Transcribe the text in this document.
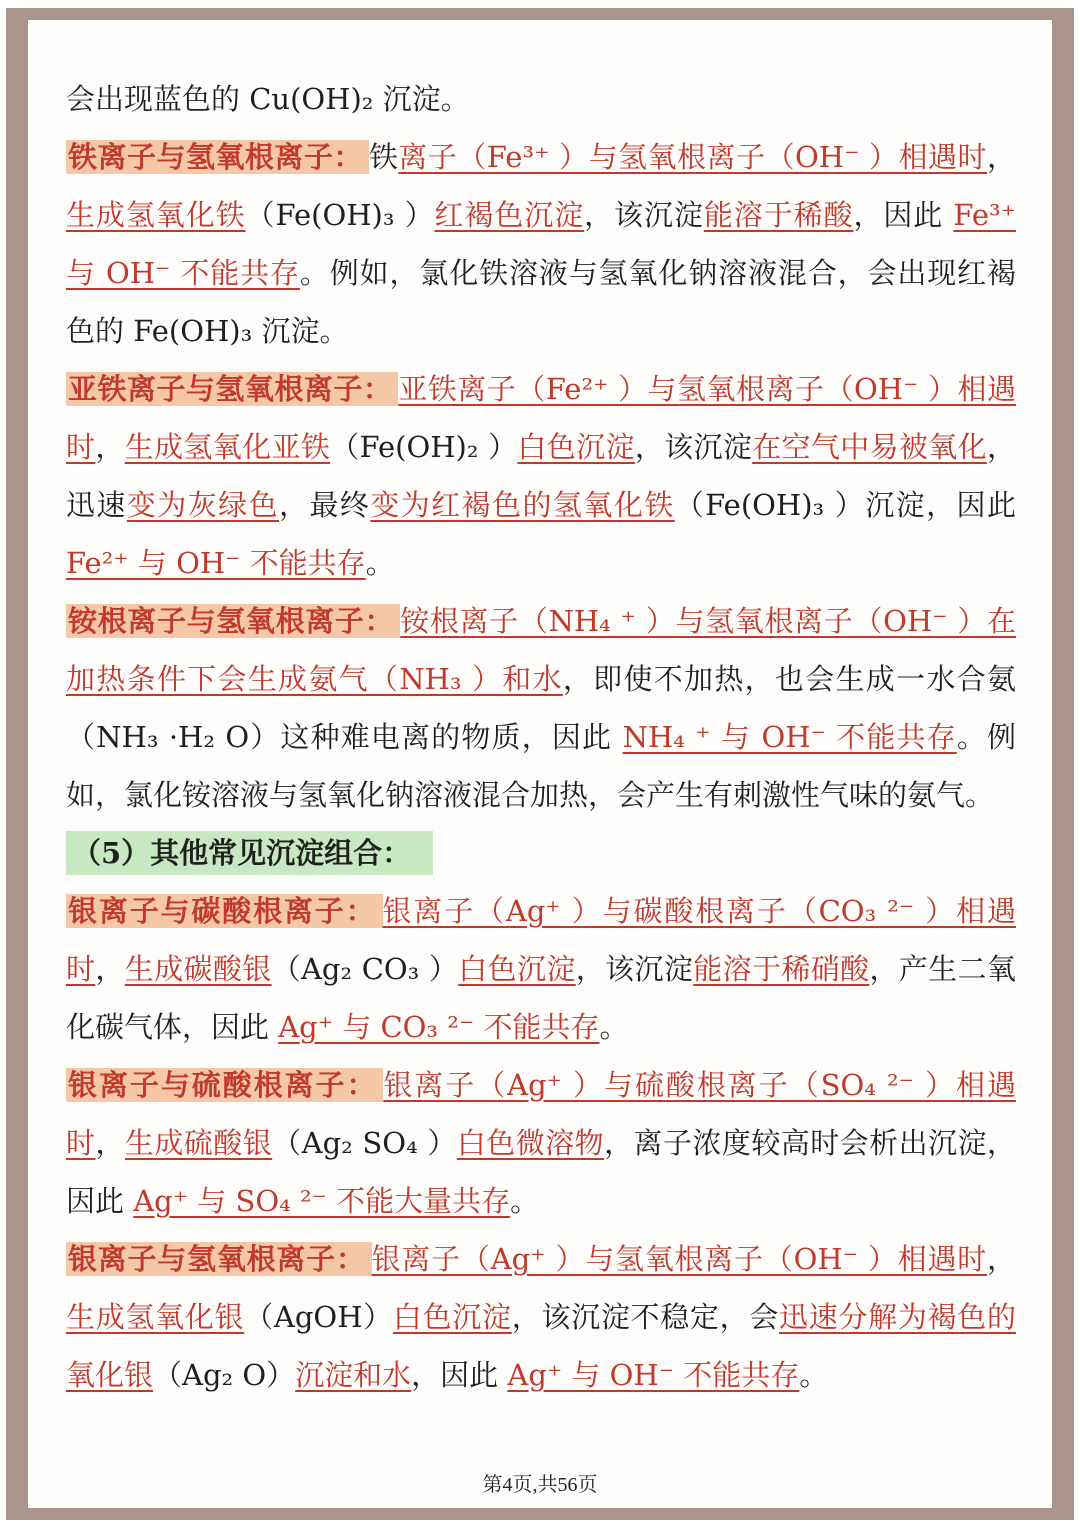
会出现蓝色的 Cu(OH)₂ 沉淀。
铁离子与氢氧根离子： 铁离子（Fe³⁺ ）与氢氧根离子（OH⁻ ）相遇时，生成氢氧化铁（Fe(OH)₃ ）红褐色沉淀，该沉淀能溶于稀酸，因此 Fe³⁺ 与 OH⁻ 不能共存。例如，氯化铁溶液与氢氧化钠溶液混合，会出现红褐色的 Fe(OH)₃ 沉淀。
亚铁离子与氢氧根离子： 亚铁离子（Fe²⁺ ）与氢氧根离子（OH⁻ ）相遇时，生成氢氧化亚铁（Fe(OH)₂ ）白色沉淀，该沉淀在空气中易被氧化，迅速变为灰绿色，最终变为红褐色的氢氧化铁（Fe(OH)₃ ）沉淀，因此 Fe²⁺ 与 OH⁻ 不能共存。
铵根离子与氢氧根离子： 铵根离子（NH₄ ⁺ ）与氢氧根离子（OH⁻ ）在加热条件下会生成氨气（NH₃ ）和水，即使不加热，也会生成一水合氨（NH₃ ·H₂ O）这种难电离的物质，因此 NH₄ ⁺ 与 OH⁻ 不能共存。例如，氯化铵溶液与氢氧化钠溶液混合加热，会产生有刺激性气味的氨气。
（5）其他常见沉淀组合：
银离子与碳酸根离子： 银离子（Ag⁺ ）与碳酸根离子（CO₃ ²⁻ ）相遇时，生成碳酸银（Ag₂ CO₃ ）白色沉淀，该沉淀能溶于稀硝酸，产生二氧化碳气体，因此 Ag⁺ 与 CO₃ ²⁻ 不能共存。
银离子与硫酸根离子： 银离子（Ag⁺ ）与硫酸根离子（SO₄ ²⁻ ）相遇时，生成硫酸银（Ag₂ SO₄ ）白色微溶物，离子浓度较高时会析出沉淀，因此 Ag⁺ 与 SO₄ ²⁻ 不能大量共存。
银离子与氢氧根离子： 银离子（Ag⁺ ）与氢氧根离子（OH⁻ ）相遇时，生成氢氧化银（AgOH）白色沉淀，该沉淀不稳定，会迅速分解为褐色的氧化银（Ag₂ O）沉淀和水，因此 Ag⁺ 与 OH⁻ 不能共存。
第4页,共56页
